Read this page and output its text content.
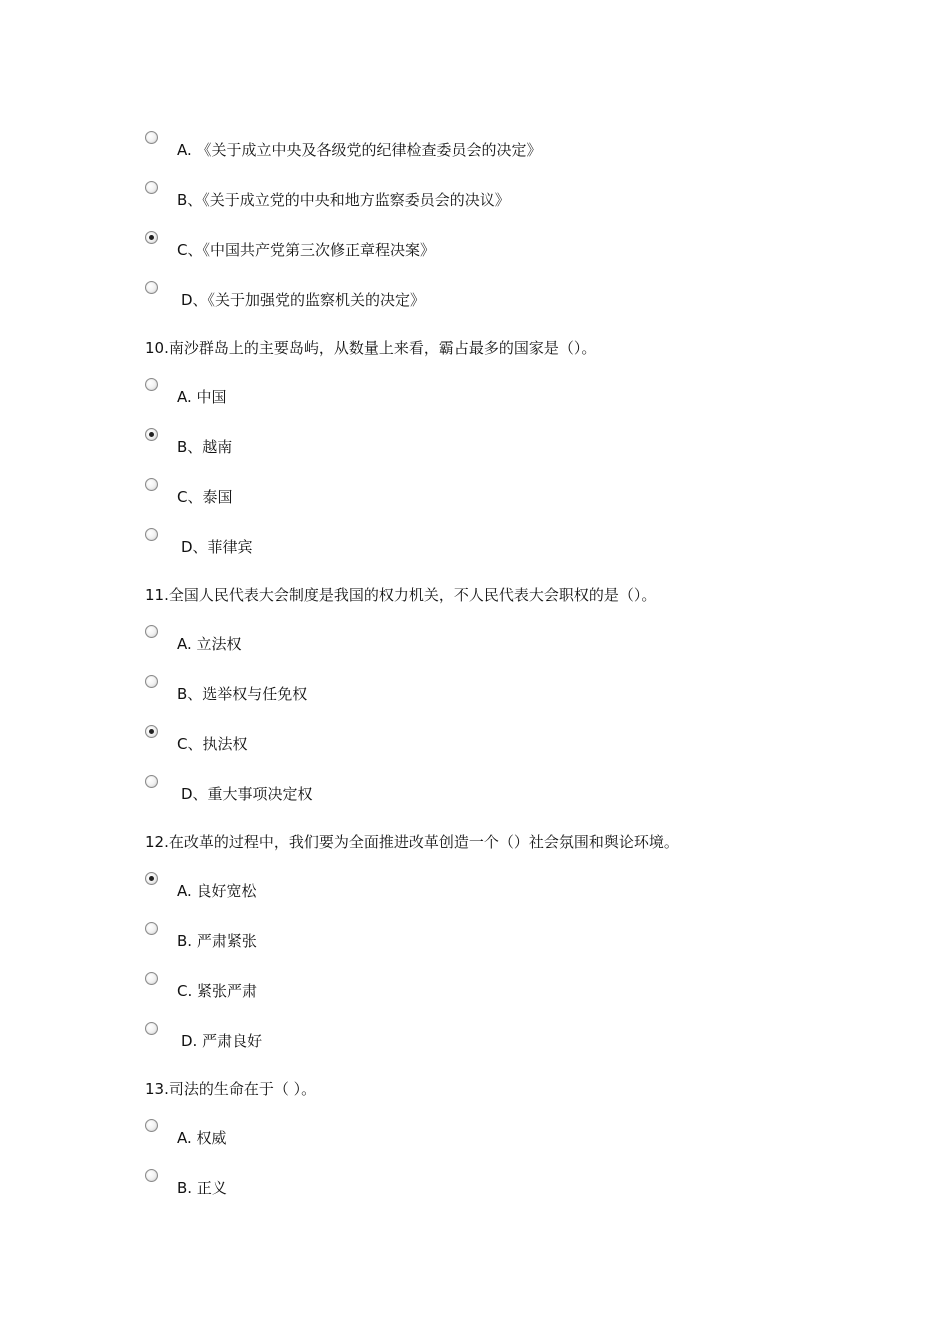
A. 《关于成立中央及各级党的纪律检查委员会的决定》
B、《关于成立党的中央和地方监察委员会的决议》
C、《中国共产党第三次修正章程决案》
D、《关于加强党的监察机关的决定》
10.南沙群岛上的主要岛屿，从数量上来看，霸占最多的国家是（）。
A. 中国
B、越南
C、泰国
D、菲律宾
11.全国人民代表大会制度是我国的权力机关，不人民代表大会职权的是（）。
A. 立法权
B、选举权与任免权
C、执法权
D、重大事项决定权
12.在改革的过程中，我们要为全面推进改革创造一个（）社会氛围和舆论环境。
A. 良好宽松
B. 严肃紧张
C. 紧张严肃
D. 严肃良好
13.司法的生命在于（ ）。
A. 权威
B. 正义
